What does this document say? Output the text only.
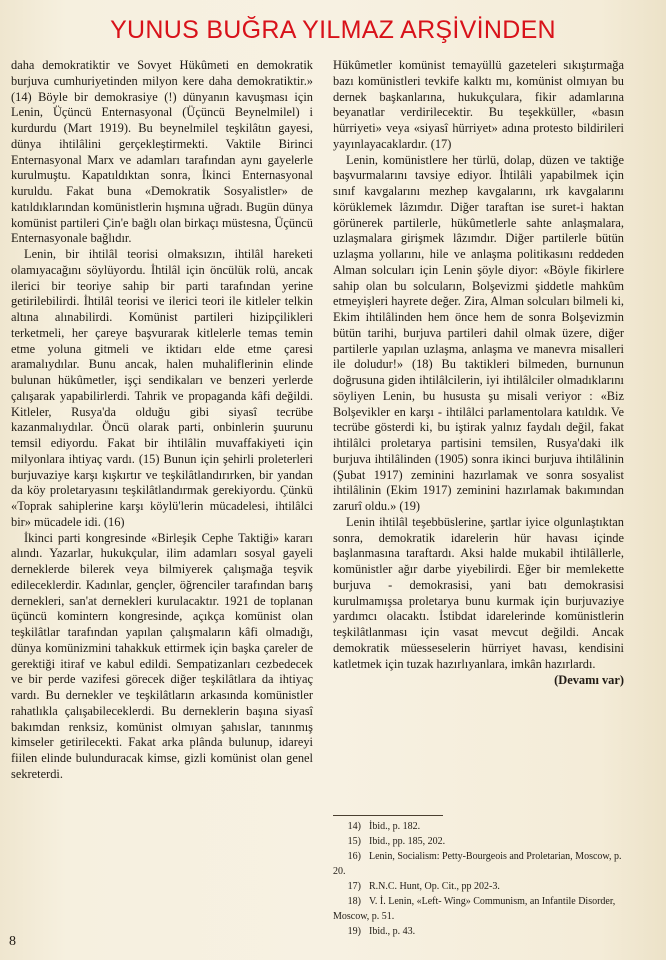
YUNUS BUĞRA YILMAZ ARŞİVİNDEN

daha demokratiktir ve Sovyet Hükûmeti en demokratik burjuva cumhuriyetinden milyon kere daha demokratiktir.» (14) Böyle bir demokrasiye (!) dünyanın kavuşması için Lenin, Üçüncü Enternasyonal (Üçüncü Beynelmilel) i kurdurdu (Mart 1919). Bu beynelmilel teşkilâtın gayesi, dünya ihtilâlini gerçekleştirmekti. Vaktile Birinci Enternasyonal Marx ve adamları tarafından aynı gayelerle kurulmuştu. Kapatıldıktan sonra, İkinci Enternasyonal kuruldu. Fakat buna «Demokratik Sosyalistler» de katıldıklarından komünistlerin hışmına uğradı. Bugün dünya komünist partileri Çin'e bağlı olan birkaçı müstesna, Üçüncü Enternasyonale bağlıdır.

Lenin, bir ihtilâl teorisi olmaksızın, ihtilâl hareketi olamıyacağını söylüyordu. İhtilâl için öncülük rolü, ancak ilerici bir teoriye sahip bir parti tarafından yerine getirilebilirdi. İhtilâl teorisi ve ilerici teori ile kitleler telkin altına alınabilirdi. Komünist partileri hizipçilikleri terketmeli, her çareye başvurarak kitlelerle temas temin etme yoluna gitmeli ve iktidarı elde etme çaresi aramalıydılar. Bunu ancak, halen muhaliflerinin elinde bulunan hükûmetler, işçi sendikaları ve benzeri yerlerde çalışarak yapabilirlerdi. Tahrik ve propaganda kâfi değildi. Kitleler, Rusya'da olduğu gibi siyasî tecrübe kazanmalıydılar. Öncü olarak parti, onbinlerin şuurunu temsil ediyordu. Fakat bir ihtilâlin muvaffakiyeti için milyonlara ihtiyaç vardı. (15) Bunun için şehirli proleterleri burjuvaziye karşı kışkırtır ve teşkilâtlandırırken, bir yandan da köy proletaryasını teşkilâtlandırmak gerekiyordu. Çünkü «Toprak sahiplerine karşı köylü'lerin mücadelesi, ihtilâlci bir» mücadele idi. (16)

İkinci parti kongresinde «Birleşik Cephe Taktiği» kararı alındı. Yazarlar, hukukçular, ilim adamları sosyal gayeli derneklerde bilerek veya bilmiyerek çalışmağa teşvik edileceklerdir. Kadınlar, gençler, öğrenciler tarafından barış dernekleri, san'at dernekleri kurulacaktır. 1921 de toplanan üçüncü komintern kongresinde, açıkça komünist olan teşkilâtlar tarafından yapılan çalışmaların kâfi olmadığı, dünya komünizmini tahakkuk ettirmek için başka çareler de gerektiği itiraf ve kabul edildi. Sempatizanları cezbedecek ve bir perde vazifesi görecek diğer teşkilâtlara da ihtiyaç vardı. Bu dernekler ve teşkilâtların arkasında komünistler rahatlıkla çalışabileceklerdi. Bu derneklerin başına siyasî bakımdan renksiz, komünist olmıyan şahıslar, tanınmış kimseler getirilecekti. Fakat arka plânda bulunup, idareyi fiilen elinde bulunduracak kimse, gizli komünist olan genel sekreterdi.

Hükûmetler komünist temayüllü gazeteleri sıkıştırmağa bazı komünistleri tevkife kalktı mı, komünist olmıyan bu dernek başkanlarına, hukukçulara, fikir adamlarına beyanatlar verdirilecektir. Bu teşekküller, «basın hürriyeti» veya «siyasî hürriyet» adına protesto bildirileri yayınlayacaklardır. (17)

Lenin, komünistlere her türlü, dolap, düzen ve taktiğe başvurmalarını tavsiye ediyor. İhtilâli yapabilmek için sınıf kavgalarını mezhep kavgalarını, ırk kavgalarını körüklemek lâzımdır. Diğer taraftan ise suret-i haktan görünerek partilerle, hükûmetlerle sahte anlaşmalara, uzlaşmalara girişmek lâzımdır. Diğer partilerle bütün uzlaşma yollarını, hile ve anlaşma politikasını reddeden Alman solcuları için Lenin şöyle diyor: «Böyle fikirlere sahip olan bu solcuların, Bolşevizmi şiddetle mahkûm etmeyişleri hayrete değer. Zira, Alman solcuları bilmeli ki, Ekim ihtilâlinden hem önce hem de sonra Bolşevizmin bütün tarihi, burjuva partileri dahil olmak üzere, diğer partilerle yapılan uzlaşma, anlaşma ve manevra misalleri ile doludur!» (18) Bu taktikleri bilmeden, burnunun doğrusuna giden ihtilâlcilerin, iyi ihtilâlciler olmadıklarını söyliyen Lenin, bu hususta şu misali veriyor : «Biz Bolşevikler en karşı - ihtilâlci parlamentolara katıldık. Ve tecrübe gösterdi ki, bu iştirak yalnız faydalı değil, fakat ihtilâlci proletarya partisini temsilen, Rusya'daki ilk burjuva ihtilâlinden (1905) sonra ikinci burjuva ihtilâlinin (Şubat 1917) zeminini hazırlamak ve sonra sosyalist ihtilâlinin (Ekim 1917) zeminini hazırlamak bakımından zarurî oldu.» (19)

Lenin ihtilâl teşebbüslerine, şartlar iyice olgunlaştıktan sonra, demokratik idarelerin hür havası içinde başlanmasına taraftardı. Aksi halde mukabil ihtilâllerle, komünistler ağır darbe yiyebilirdi. Eğer bir memlekette burjuva - demokrasisi, yani batı demokrasisi kurulmamışsa proletarya bunu kurmak için burjuvaziye yardımcı olacaktı. İstibdat idarelerinde komünistlerin teşkilâtlanması için vasat mevcut değildi. Ancak demokratik müesseselerin hürriyet havası, kendisini katletmek için tuzak hazırlıyanlara, imkân hazırlardı.

(Devamı var)
14) İbid., p. 182.
15) Ibid., pp. 185, 202.
16) Lenin, Socialism: Petty-Bourgeois and Proletarian, Moscow, p. 20.
17) R.N.C. Hunt, Op. Cit., pp 202-3.
18) V. İ. Lenin, «Left- Wing» Communism, an Infantile Disorder, Moscow, p. 51.
19) Ibid., p. 43.
8
